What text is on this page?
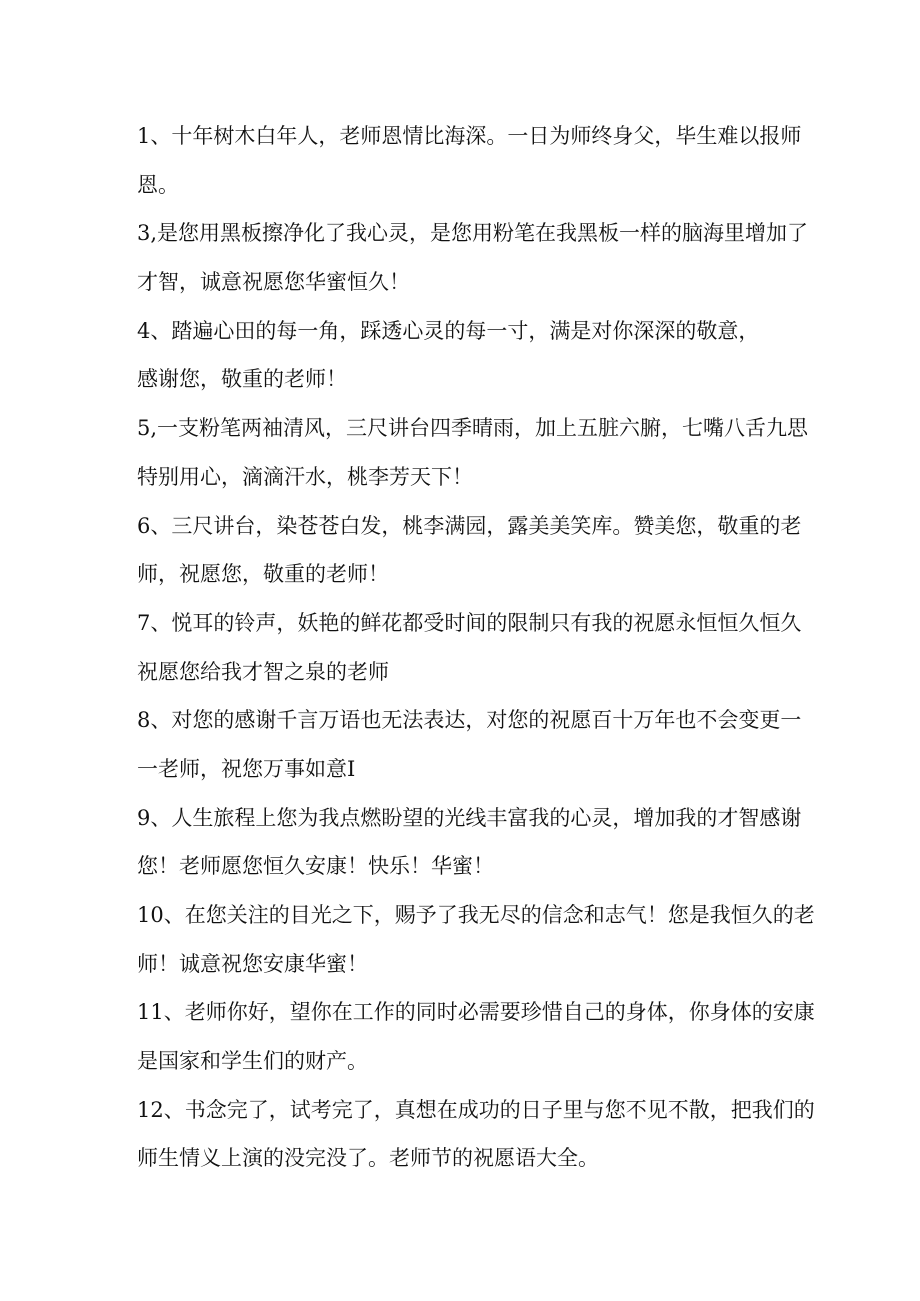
1、十年树木白年人，老师恩情比海深。一日为师终身父，毕生难以报师
恩。
3,是您用黑板擦净化了我心灵，是您用粉笔在我黑板一样的脑海里增加了
才智，诚意祝愿您华蜜恒久！
4、踏遍心田的每一角，踩透心灵的每一寸，满是对你深深的敬意，
感谢您，敬重的老师！
5,一支粉笔两袖清风，三尺讲台四季晴雨，加上五脏六腑，七嘴八舌九思
特别用心，滴滴汗水，桃李芳天下！
6、三尺讲台，染苍苍白发，桃李满园，露美美笑库。赞美您，敬重的老
师，祝愿您，敬重的老师！
7、悦耳的铃声，妖艳的鲜花都受时间的限制只有我的祝愿永恒恒久恒久
祝愿您给我才智之泉的老师
8、对您的感谢千言万语也无法表达，对您的祝愿百十万年也不会变更一
一老师，祝您万事如意I
9、人生旅程上您为我点燃盼望的光线丰富我的心灵，增加我的才智感谢
您！老师愿您恒久安康！快乐！华蜜！
10、在您关注的目光之下，赐予了我无尽的信念和志气！您是我恒久的老
师！诚意祝您安康华蜜！
11、老师你好，望你在工作的同时必需要珍惜自己的身体，你身体的安康
是国家和学生们的财产。
12、书念完了，试考完了，真想在成功的日子里与您不见不散，把我们的
师生情义上演的没完没了。老师节的祝愿语大全。
